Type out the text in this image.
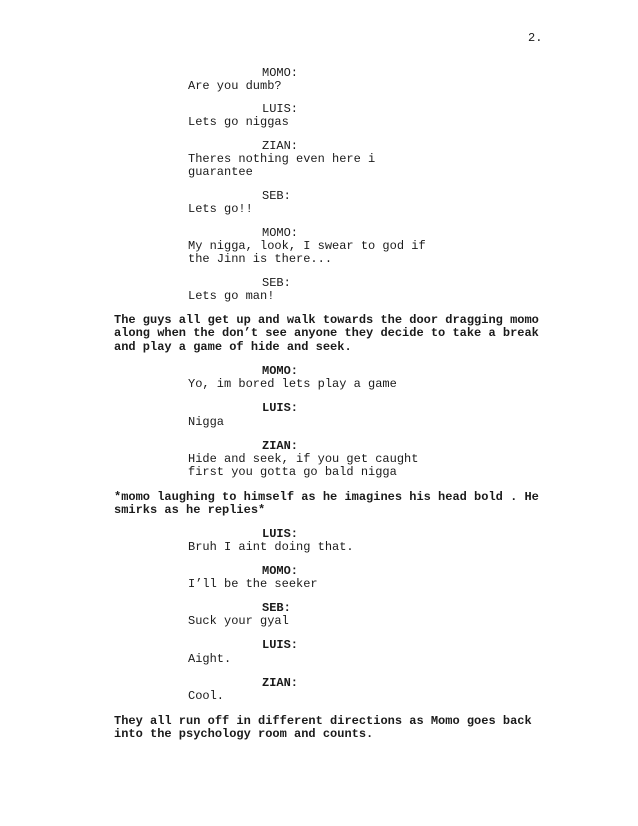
2.
MOMO:
Are you dumb?
LUIS:
Lets go niggas
ZIAN:
Theres nothing even here i
guarantee
SEB:
Lets go!!
MOMO:
My nigga, look, I swear to god if
the Jinn is there...
SEB:
Lets go man!
The guys all get up and walk towards the door dragging momo
along when the don’t see anyone they decide to take a break
and play a game of hide and seek.
MOMO:
Yo, im bored lets play a game
LUIS:
Nigga
ZIAN:
Hide and seek, if you get caught
first you gotta go bald nigga
*momo laughing to himself as he imagines his head bold . He
smirks as he replies*
LUIS:
Bruh I aint doing that.
MOMO:
I’ll be the seeker
SEB:
Suck your gyal
LUIS:
Aight.
ZIAN:
Cool.
They all run off in different directions as Momo goes back
into the psychology room and counts.
